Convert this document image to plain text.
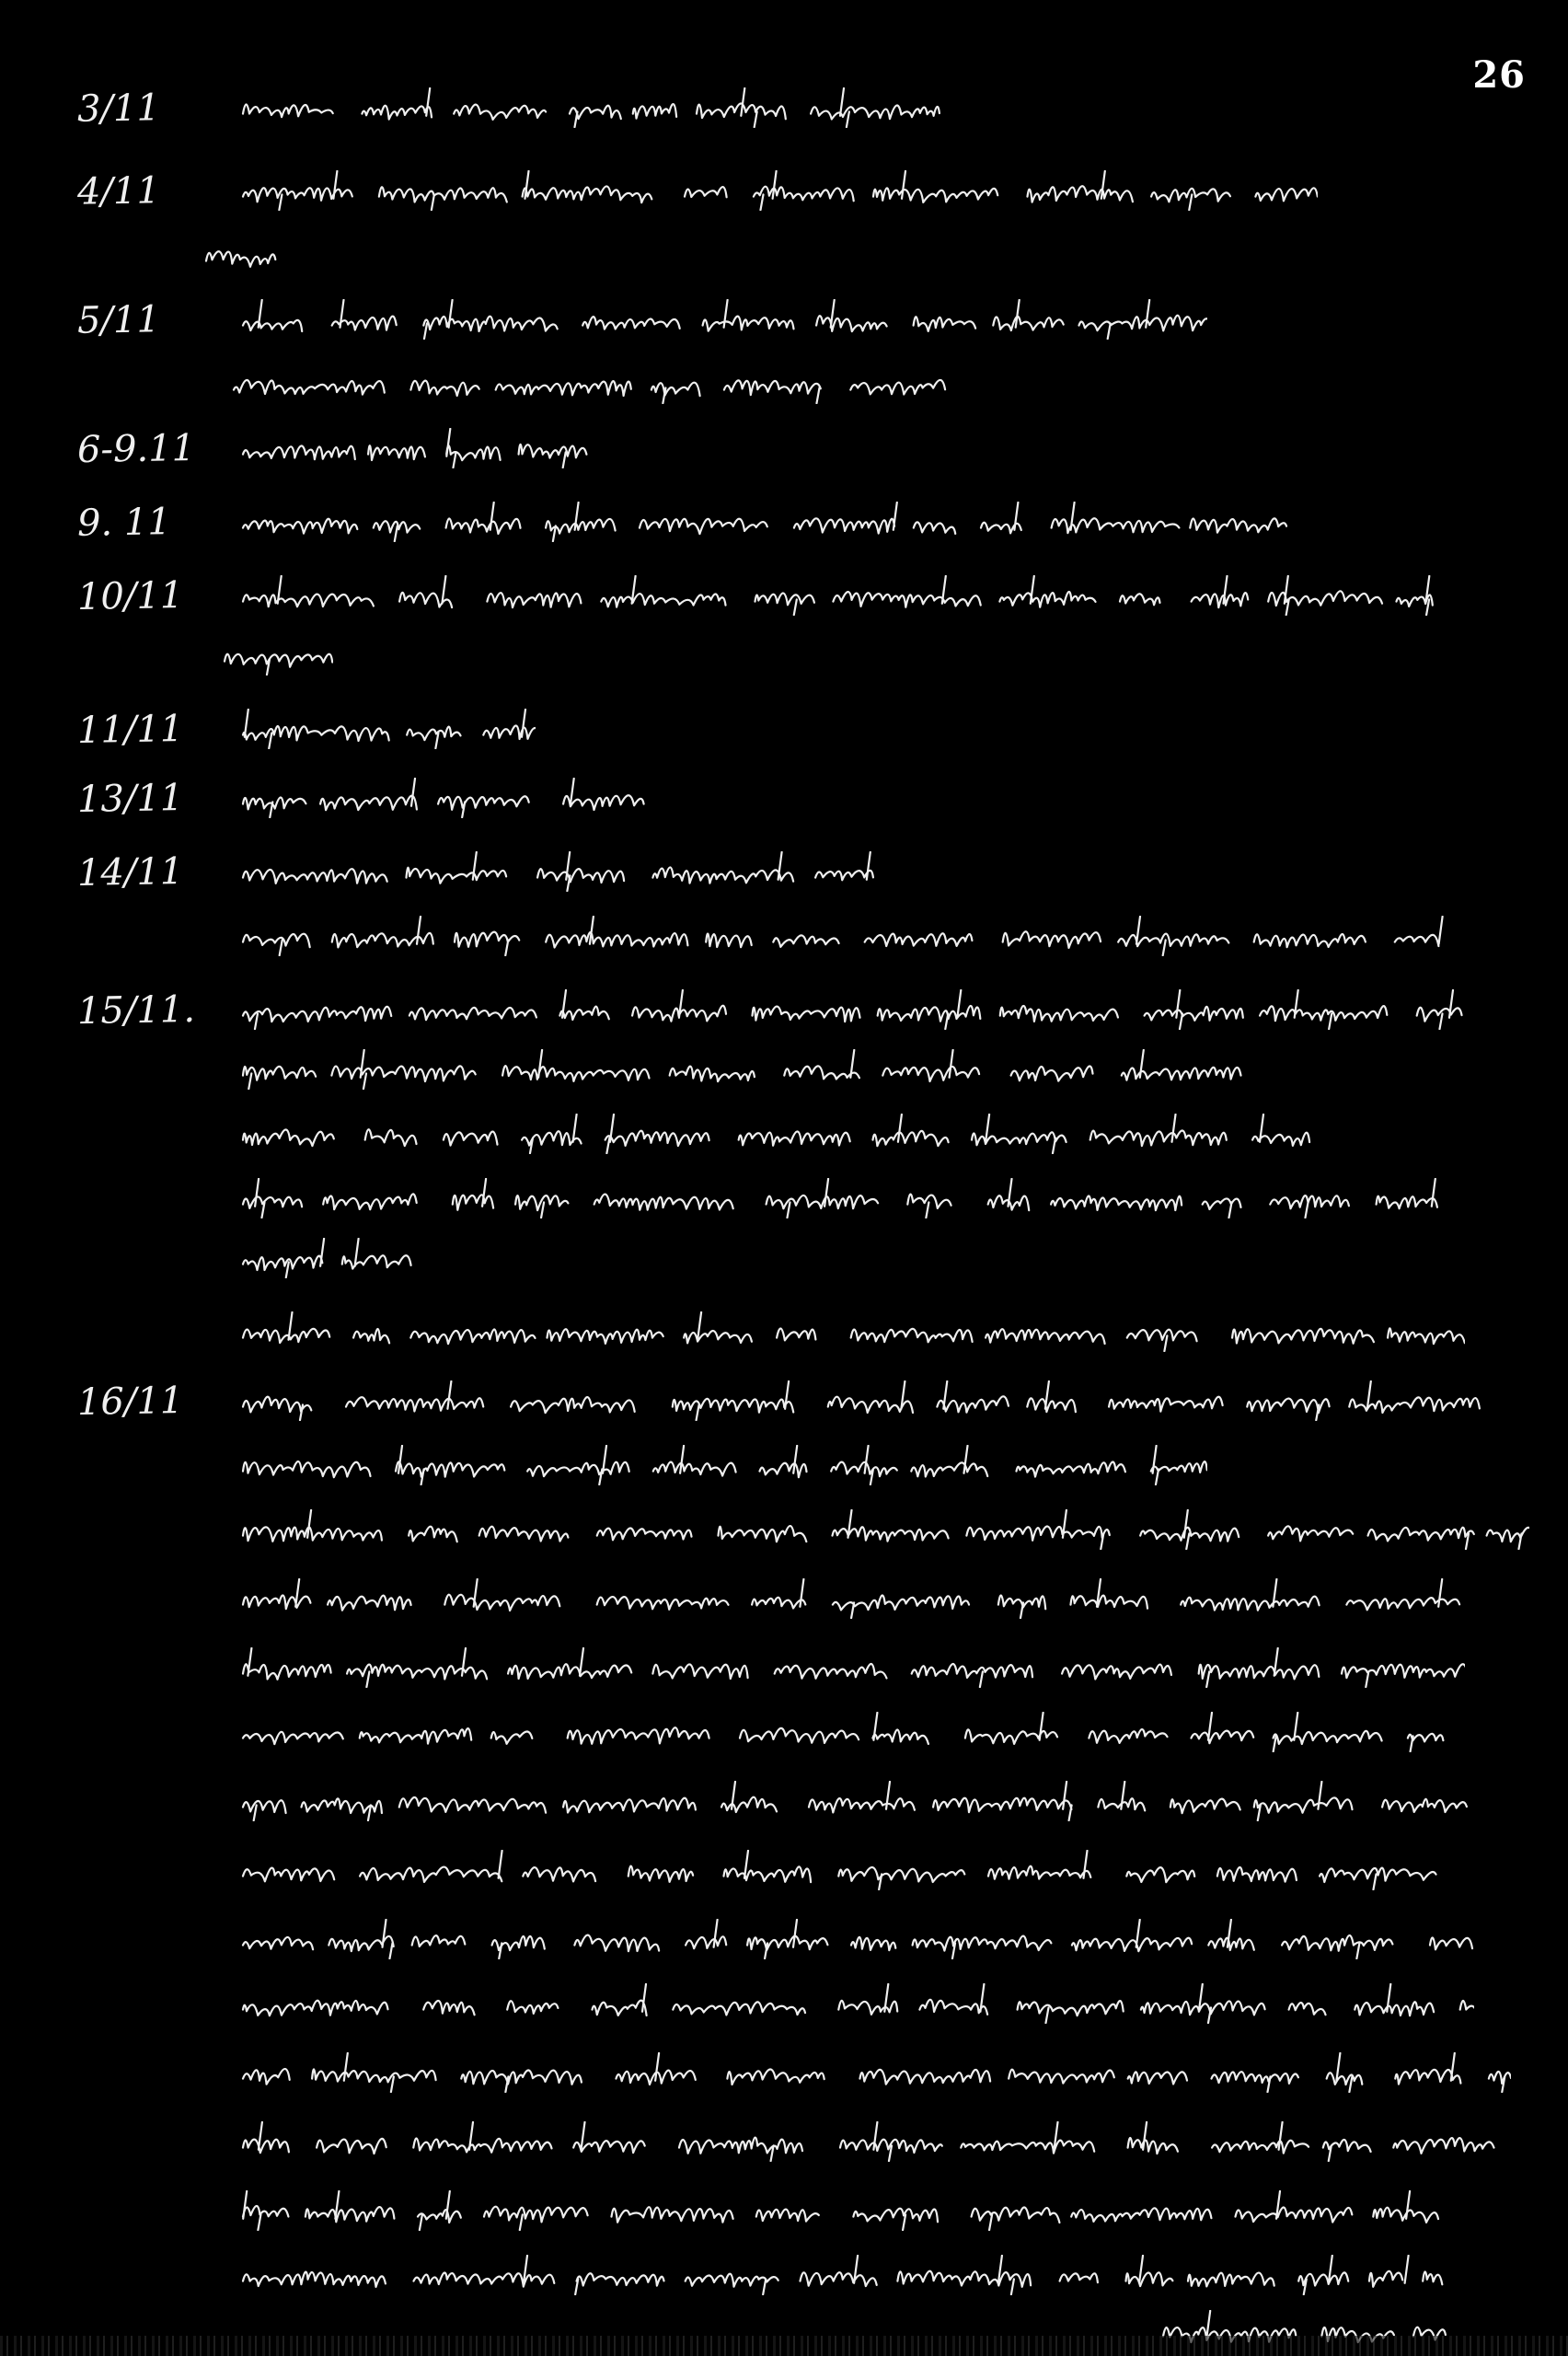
26
3/11
4/11
5/11
6-9.11
9. 11
10/11
11/11
13/11
14/11
15/11.
16/11
